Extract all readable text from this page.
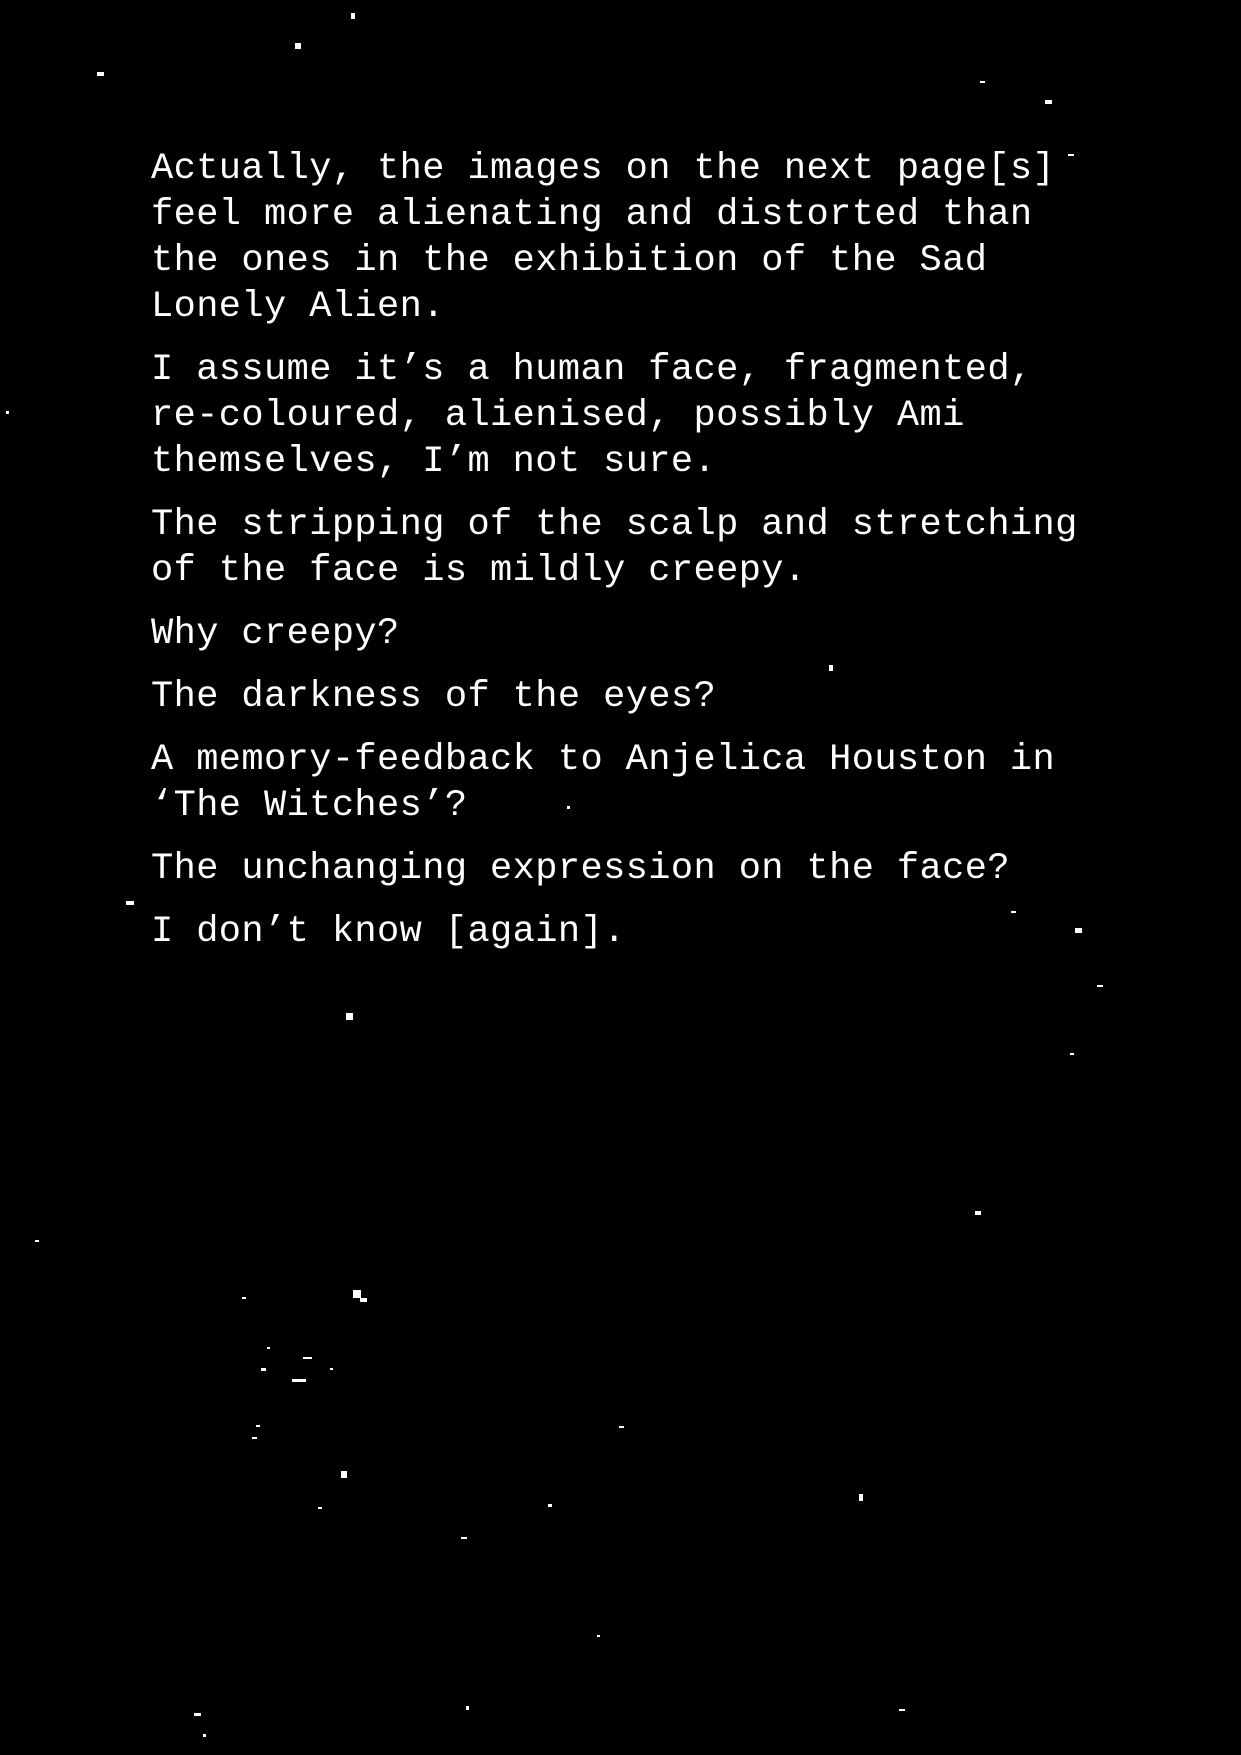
Actually, the images on the next page[s]
feel more alienating and distorted than
the ones in the exhibition of the Sad
Lonely Alien.

I assume it’s a human face, fragmented,
re-coloured, alienised, possibly Ami
themselves, I’m not sure.

The stripping of the scalp and stretching
of the face is mildly creepy.

Why creepy?

The darkness of the eyes?

A memory-feedback to Anjelica Houston in
‘The Witches’?

The unchanging expression on the face?

I don’t know [again].
